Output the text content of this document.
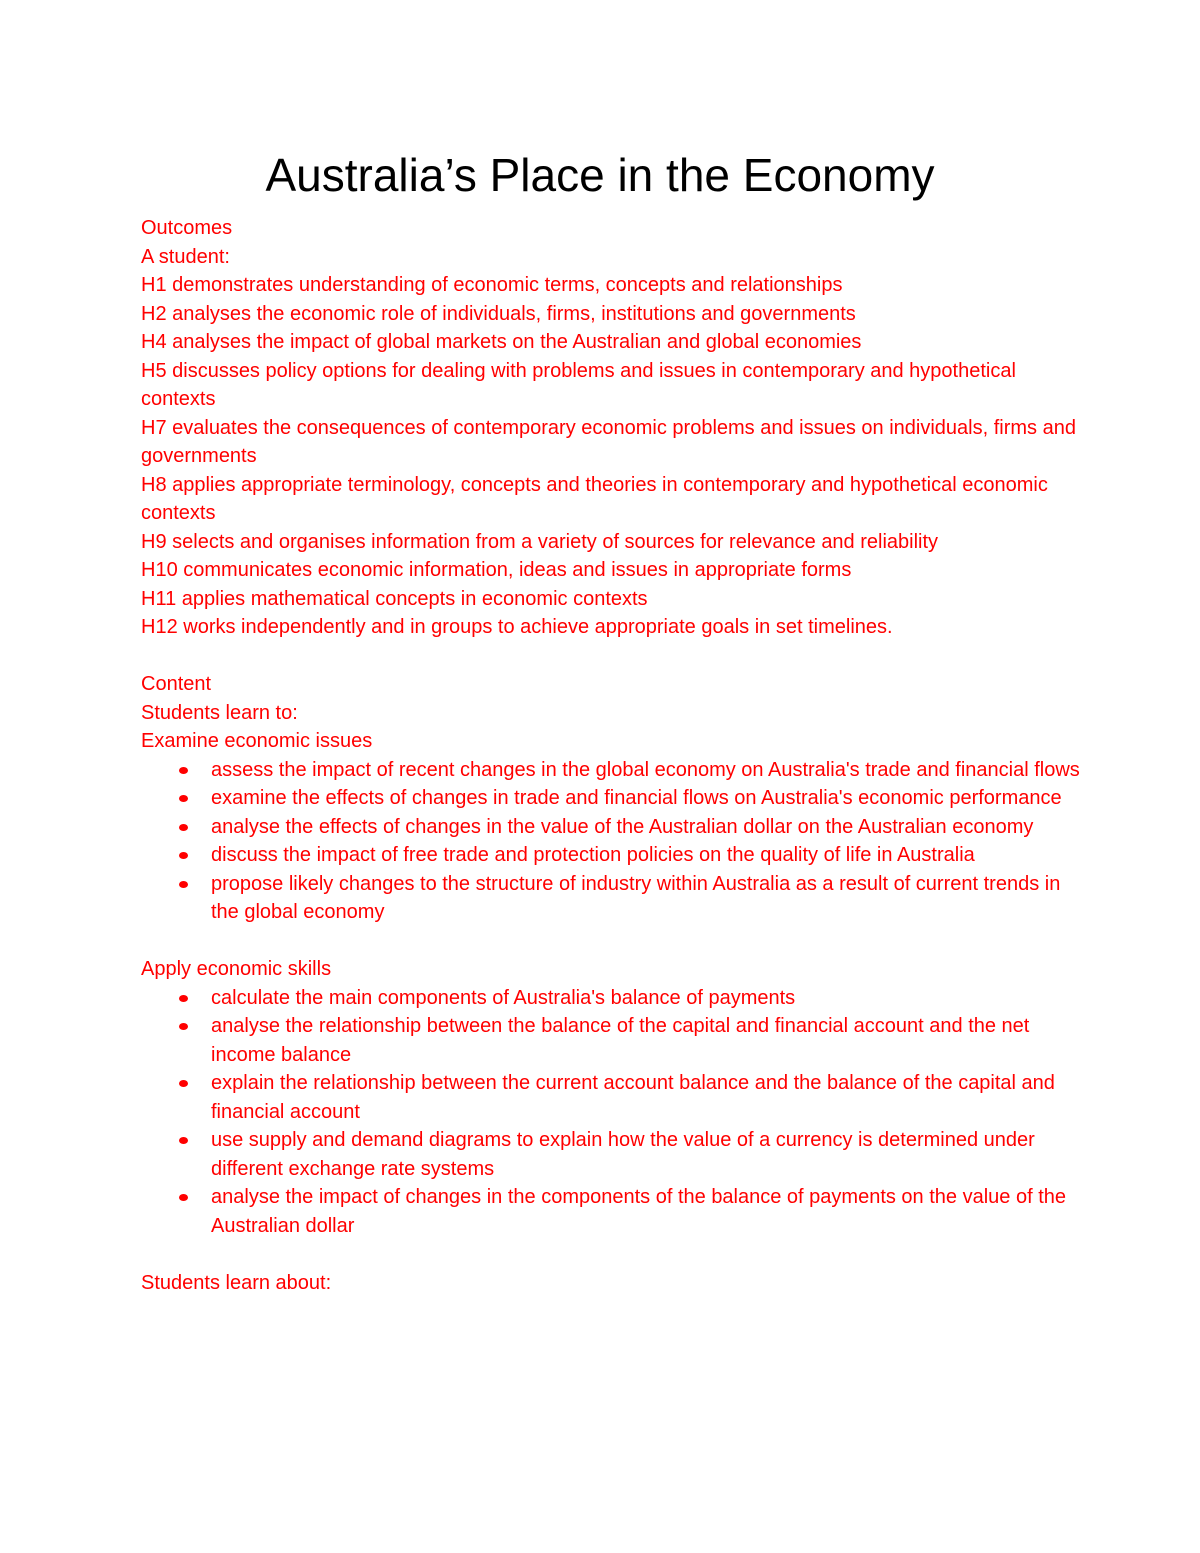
Australia’s Place in the Economy

Outcomes

A student:

H1 demonstrates understanding of economic terms, concepts and relationships

H2 analyses the economic role of individuals, firms, institutions and governments

H4 analyses the impact of global markets on the Australian and global economies

H5 discusses policy options for dealing with problems and issues in contemporary and hypothetical contexts

H7 evaluates the consequences of contemporary economic problems and issues on individuals, firms and governments

H8 applies appropriate terminology, concepts and theories in contemporary and hypothetical economic contexts

H9 selects and organises information from a variety of sources for relevance and reliability

H10 communicates economic information, ideas and issues in appropriate forms

H11 applies mathematical concepts in economic contexts

H12 works independently and in groups to achieve appropriate goals in set timelines.

Content

Students learn to:

Examine economic issues

assess the impact of recent changes in the global economy on Australia's trade and financial flows
examine the effects of changes in trade and financial flows on Australia's economic performance
analyse the effects of changes in the value of the Australian dollar on the Australian economy
discuss the impact of free trade and protection policies on the quality of life in Australia
propose likely changes to the structure of industry within Australia as a result of current trends in the global economy

Apply economic skills

calculate the main components of Australia's balance of payments
analyse the relationship between the balance of the capital and financial account and the net income balance
explain the relationship between the current account balance and the balance of the capital and financial account
use supply and demand diagrams to explain how the value of a currency is determined under different exchange rate systems
analyse the impact of changes in the components of the balance of payments on the value of the Australian dollar

Students learn about:
